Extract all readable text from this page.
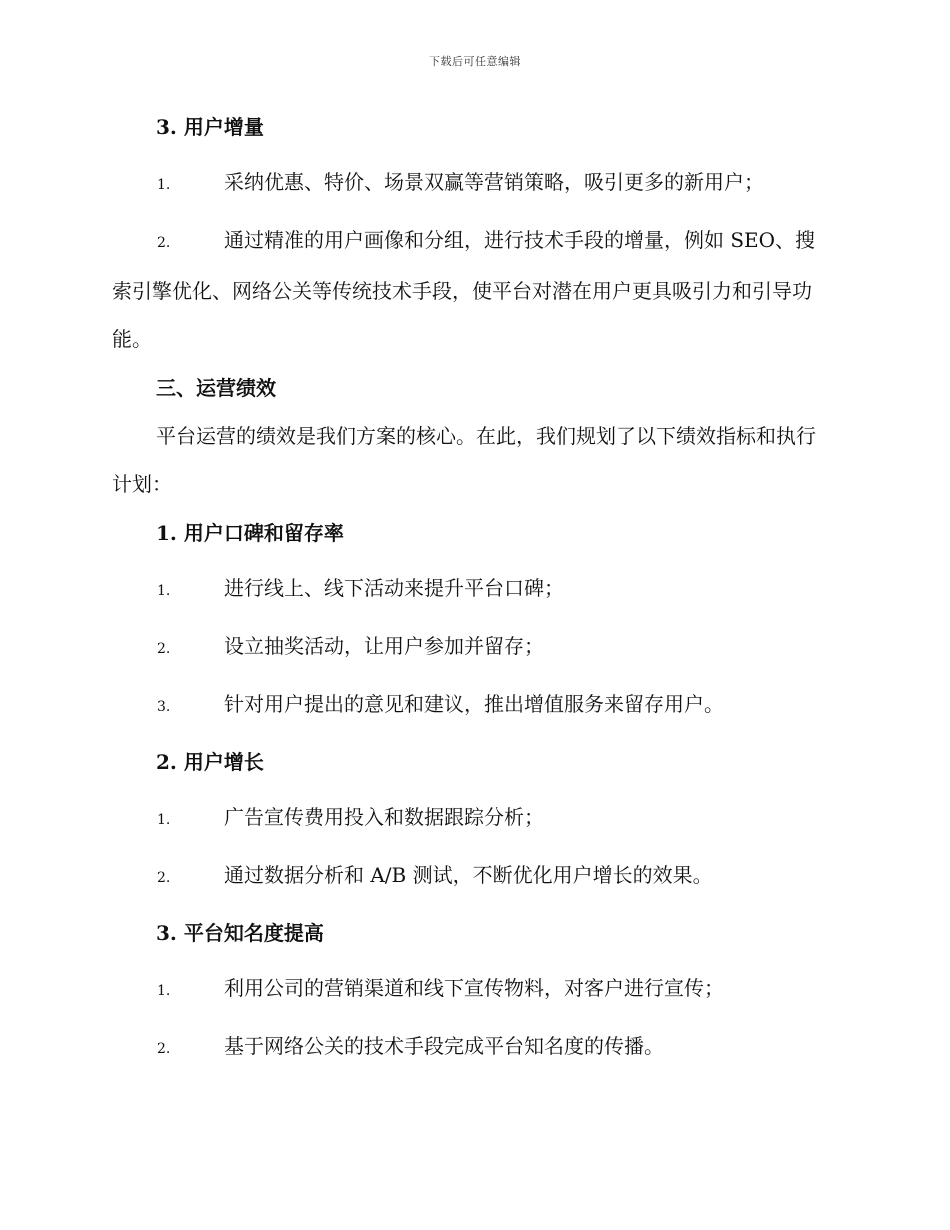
下载后可任意编辑
3. 用户增量
1.	采纳优惠、特价、场景双赢等营销策略，吸引更多的新用户；
2.	通过精准的用户画像和分组，进行技术手段的增量，例如 SEO、搜索引擎优化、网络公关等传统技术手段，使平台对潜在用户更具吸引力和引导功能。
三、运营绩效
平台运营的绩效是我们方案的核心。在此，我们规划了以下绩效指标和执行计划：
1. 用户口碑和留存率
1.	进行线上、线下活动来提升平台口碑；
2.	设立抽奖活动，让用户参加并留存；
3.	针对用户提出的意见和建议，推出增值服务来留存用户。
2. 用户增长
1.	广告宣传费用投入和数据跟踪分析；
2.	通过数据分析和 A/B 测试，不断优化用户增长的效果。
3. 平台知名度提高
1.	利用公司的营销渠道和线下宣传物料，对客户进行宣传；
2.	基于网络公关的技术手段完成平台知名度的传播。
